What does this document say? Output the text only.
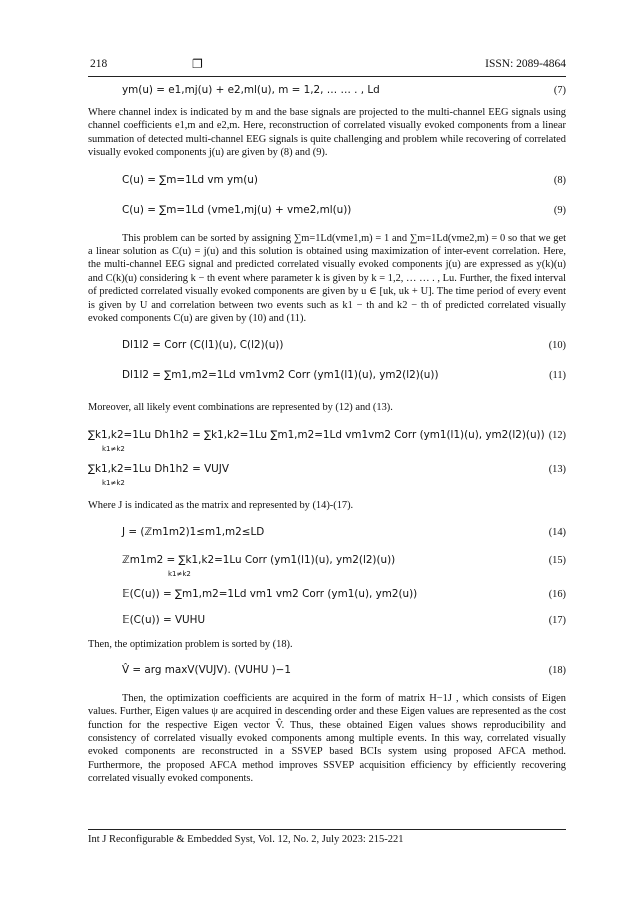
218	❐	ISSN: 2089-4864
ym(u) = e1,mj(u) + e2,ml(u), m = 1,2, … … . , Ld	(7)

Where channel index is indicated by m and the base signals are projected to the multi-channel EEG signals using channel coefficients e1,m and e2,m. Here, reconstruction of correlated visually evoked components from a linear summation of detected multi-channel EEG signals is quite challenging and problem while recovering of correlated visually evoked components j(u) are given by (8) and (9).

C(u) = ∑m=1Ld vm ym(u)	(8)
C(u) = ∑m=1Ld (vme1,mj(u) + vme2,ml(u))	(9)

This problem can be sorted by assigning ∑m=1Ld(vme1,m) = 1 and ∑m=1Ld(vme2,m) = 0 so that we get a linear solution as C(u) = j(u) and this solution is obtained using maximization of inter-event correlation. Here, the multi-channel EEG signal and predicted correlated visually evoked components j(u) are expressed as y(k)(u) and C(k)(u) considering k − th event where parameter k is given by k = 1,2, … … . , Lu. Further, the fixed interval of predicted correlated visually evoked components are given by u ∈ [uk, uk + U]. The time period of every event is given by U and correlation between two events such as k1 − th and k2 − th of predicted correlated visually evoked components C(u) are given by (10) and (11).

Dl1l2 = Corr (C(l1)(u), C(l2)(u))	(10)
Dl1l2 = ∑m1,m2=1Ld vm1vm2 Corr (ym1(l1)(u), ym2(l2)(u))	(11)

Moreover, all likely event combinations are represented by (12) and (13).

∑k1,k2=1Lu Dh1h2 = ∑k1,k2=1Lu ∑m1,m2=1Ld vm1vm2 Corr (ym1(l1)(u), ym2(l2)(u))
k1≠k2
(12)
∑k1,k2=1Lu Dh1h2 = VUJV
k1≠k2
(13)

Where J is indicated as the matrix and represented by (14)-(17).

J = (ℤm1m2)1≤m1,m2≤LD	(14)
ℤm1m2 = ∑k1,k2=1Lu Corr (ym1(l1)(u), ym2(l2)(u))
k1≠k2
(15)
𝔼(C(u)) = ∑m1,m2=1Ld vm1 vm2 Corr (ym1(u), ym2(u))	(16)
𝔼(C(u)) = VUHU	(17)

Then, the optimization problem is sorted by (18).

V̂ = arg maxV(VUJV). (VUHU )−1	(18)

Then, the optimization coefficients are acquired in the form of matrix H−1J , which consists of Eigen values. Further, Eigen values ψ are acquired in descending order and these Eigen values are represented as the cost function for the respective Eigen vector V̂. Thus, these obtained Eigen values shows reproducibility and consistency of correlated visually evoked components among multiple events. In this way, correlated visually evoked components are reconstructed in a SSVEP based BCIs system using proposed AFCA method. Furthermore, the proposed AFCA method improves SSVEP acquisition efficiency by efficiently recovering correlated visually evoked components.

Int J Reconfigurable & Embedded Syst, Vol. 12, No. 2, July 2023: 215-221
